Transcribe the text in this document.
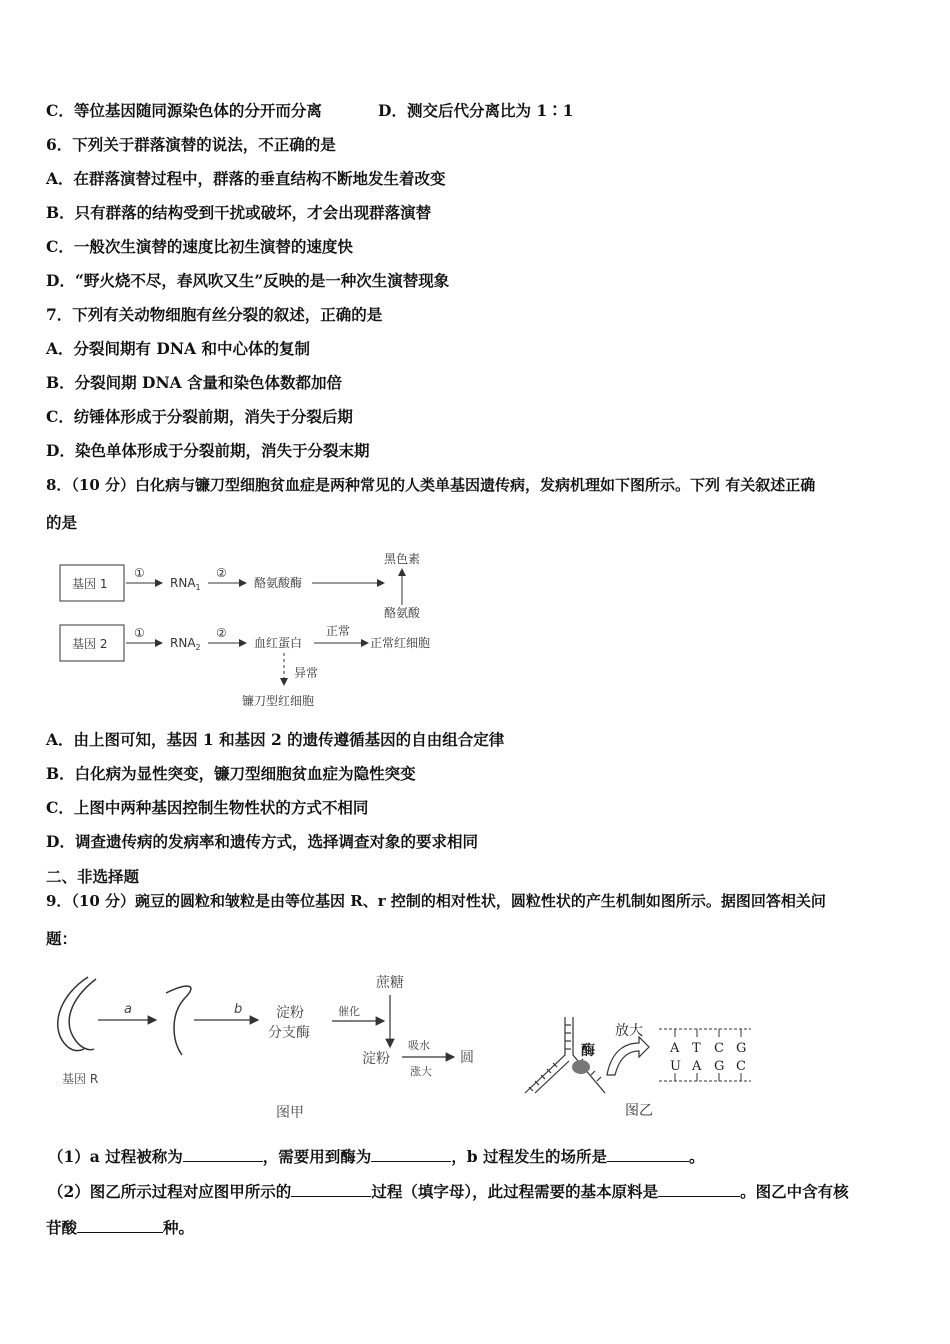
C．等位基因随同源染色体的分开而分离	D．测交后代分离比为 1∶1
6．下列关于群落演替的说法，不正确的是
A．在群落演替过程中，群落的垂直结构不断地发生着改变
B．只有群落的结构受到干扰或破坏，才会出现群落演替
C．一般次生演替的速度比初生演替的速度快
D．“野火烧不尽，春风吹又生”反映的是一种次生演替现象
7．下列有关动物细胞有丝分裂的叙述，正确的是
A．分裂间期有 DNA 和中心体的复制
B．分裂间期 DNA 含量和染色体数都加倍
C．纺锤体形成于分裂前期，消失于分裂后期
D．染色单体形成于分裂前期，消失于分裂末期
8．（10 分）白化病与镰刀型细胞贫血症是两种常见的人类单基因遗传病，发病机理如下图所示。下列 有关叙述正确
的是
基因 1
①
$RNA_1$
②
酪氨酸酶
黑色素
酪氨酸
基因 2
①
$RNA_2$
②
血红蛋白
正常
正常红细胞
异常
镰刀型红细胞
A．由上图可知，基因 1 和基因 2 的遗传遵循基因的自由组合定律
B．白化病为显性突变，镰刀型细胞贫血症为隐性突变
C．上图中两种基因控制生物性状的方式不相同
D．调查遗传病的发病率和遗传方式，选择调查对象的要求相同
二、非选择题
9．（10 分）豌豆的圆粒和皱粒是由等位基因 R、r 控制的相对性状，圆粒性状的产生机制如图所示。据图回答相关问
题：
基因 R
a	b 淀粉
分支酶
催化
蔗糖
淀粉
吸水
涨大
圆
图甲
酶
放大
A T C G
U A G C
图乙
（1）a 过程被称为	，需要用到酶为	，b 过程发生的场所是	。
（2）图乙所示过程对应图甲所示的	过程（填字母），此过程需要的基本原料是	。图乙中含有核
苷酸	种。
